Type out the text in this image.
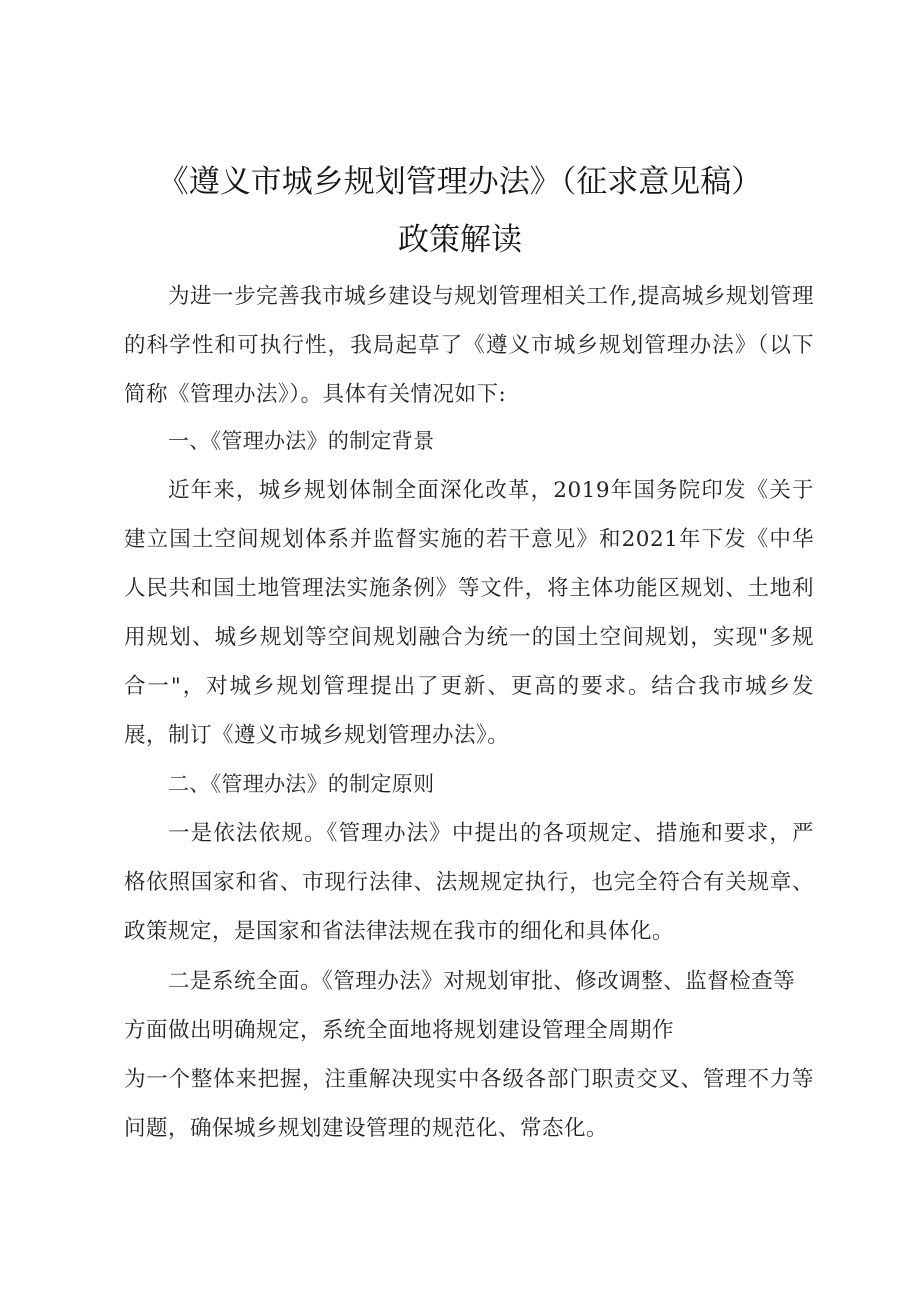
《遵义市城乡规划管理办法》（征求意见稿）
政策解读

为进一步完善我市城乡建设与规划管理相关工作,提高城乡规划管理的科学性和可执行性，我局起草了《遵义市城乡规划管理办法》（以下简称《管理办法》）。具体有关情况如下:

一、《管理办法》的制定背景

近年来，城乡规划体制全面深化改革，2019年国务院印发《关于建立国土空间规划体系并监督实施的若干意见》和2021年下发《中华人民共和国土地管理法实施条例》等文件，将主体功能区规划、土地利用规划、城乡规划等空间规划融合为统一的国土空间规划，实现"多规合一"，对城乡规划管理提出了更新、更高的要求。结合我市城乡发展，制订《遵义市城乡规划管理办法》。

二、《管理办法》的制定原则

一是依法依规。《管理办法》中提出的各项规定、措施和要求，严格依照国家和省、市现行法律、法规规定执行，也完全符合有关规章、政策规定，是国家和省法律法规在我市的细化和具体化。

二是系统全面。《管理办法》对规划审批、修改调整、监督检查等方面做出明确规定，系统全面地将规划建设管理全周期作

为一个整体来把握，注重解决现实中各级各部门职责交叉、管理不力等问题，确保城乡规划建设管理的规范化、常态化。
